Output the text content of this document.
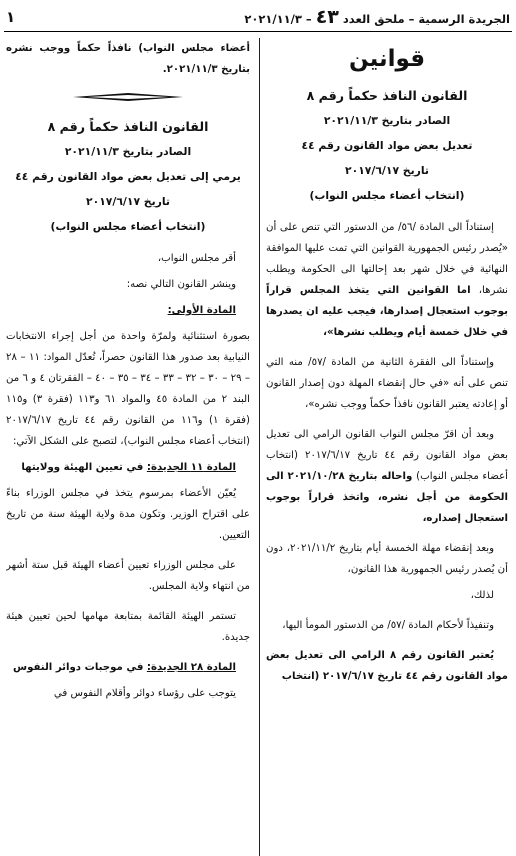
الجريدة الرسمية – ملحق العدد ٤٣ – ٢٠٢١/١١/٣
١
قوانين
القانون النافذ حكماً رقم ٨
الصادر بتاريخ ٢٠٢١/١١/٣
تعديل بعض مواد القانون رقم ٤٤
تاريخ ٢٠١٧/٦/١٧
(انتخاب أعضاء مجلس النواب)

إستناداً الى المادة /٥٦/ من الدستور التي تنص على أن «يُصدر رئيس الجمهورية القوانين التي تمت عليها الموافقة النهائية في خلال شهر بعد إحالتها الى الحكومة ويطلب نشرها، اما القوانين التي يتخذ المجلس قراراً بوجوب استعجال إصدارها، فيجب عليه ان يصدرها في خلال خمسة أيام ويطلب نشرها»،

وإستناداً الى الفقرة الثانية من المادة /٥٧/ منه التي تنص على أنه «في حال إنقضاء المهلة دون إصدار القانون أو إعادته يعتبر القانون نافذاً حكماً ووجب نشره»،

وبعد أن اقرّ مجلس النواب القانون الرامي الى تعديل بعض مواد القانون رقم ٤٤ تاريخ ٢٠١٧/٦/١٧ (انتخاب أعضاء مجلس النواب) واحاله بتاريخ ٢٠٢١/١٠/٢٨ الى الحكومة من أجل نشره، واتخذ قراراً بوجوب استعجال إصداره،

وبعد إنقضاء مهلة الخمسة أيام بتاريخ ٢٠٢١/١١/٢، دون أن يُصدر رئيس الجمهورية هذا القانون،

لذلك،

وتنفيذاً لأحكام المادة /٥٧/ من الدستور المومأ اليها،

يُعتبر القانون رقم ٨ الرامي الى تعديل بعض مواد القانون رقم ٤٤ تاريخ ٢٠١٧/٦/١٧ (انتخاب

أعضاء مجلس النواب) نافذاً حكماً ووجب نشره بتاريخ ٢٠٢١/١١/٣.

القانون النافذ حكماً رقم ٨
الصادر بتاريخ ٢٠٢١/١١/٣
يرمي إلى تعديل بعض مواد القانون رقم ٤٤
تاريخ ٢٠١٧/٦/١٧
(انتخاب أعضاء مجلس النواب)

أقر مجلس النواب،

وينشر القانون التالي نصه:

المادة الأولى:

بصورة استثنائية ولمرّة واحدة من أجل إجراء الانتخابات النيابية بعد صدور هذا القانون حصراً، تُعدّل المواد: ١١ – ٢٨ – ٢٩ – ٣٠ – ٣٢ – ٣٣ – ٣٤ – ٣٥ – ٤٠ – الفقرتان ٤ و ٦ من البند ٢ من المادة ٤٥ والمواد ٦١ و١١٣ (فقرة ٣) و١١٥ (فقرة ١) و١١٦ من القانون رقم ٤٤ تاريخ ٢٠١٧/٦/١٧ (انتخاب أعضاء مجلس النواب)، لتصبح على الشكل الآتي:

المادة ١١ الجديدة: في تعيين الهيئة وولايتها

يُعيّن الأعضاء بمرسوم يتخذ في مجلس الوزراء بناءً على اقتراح الوزير. وتكون مدة ولاية الهيئة سنة من تاريخ التعيين.

على مجلس الوزراء تعيين أعضاء الهيئة قبل ستة أشهر من انتهاء ولاية المجلس.

تستمر الهيئة القائمة بمتابعة مهامها لحين تعيين هيئة جديدة.

المادة ٢٨ الجديدة: في موجبات دوائر النفوس

يتوجب على رؤساء دوائر وأقلام النفوس في
